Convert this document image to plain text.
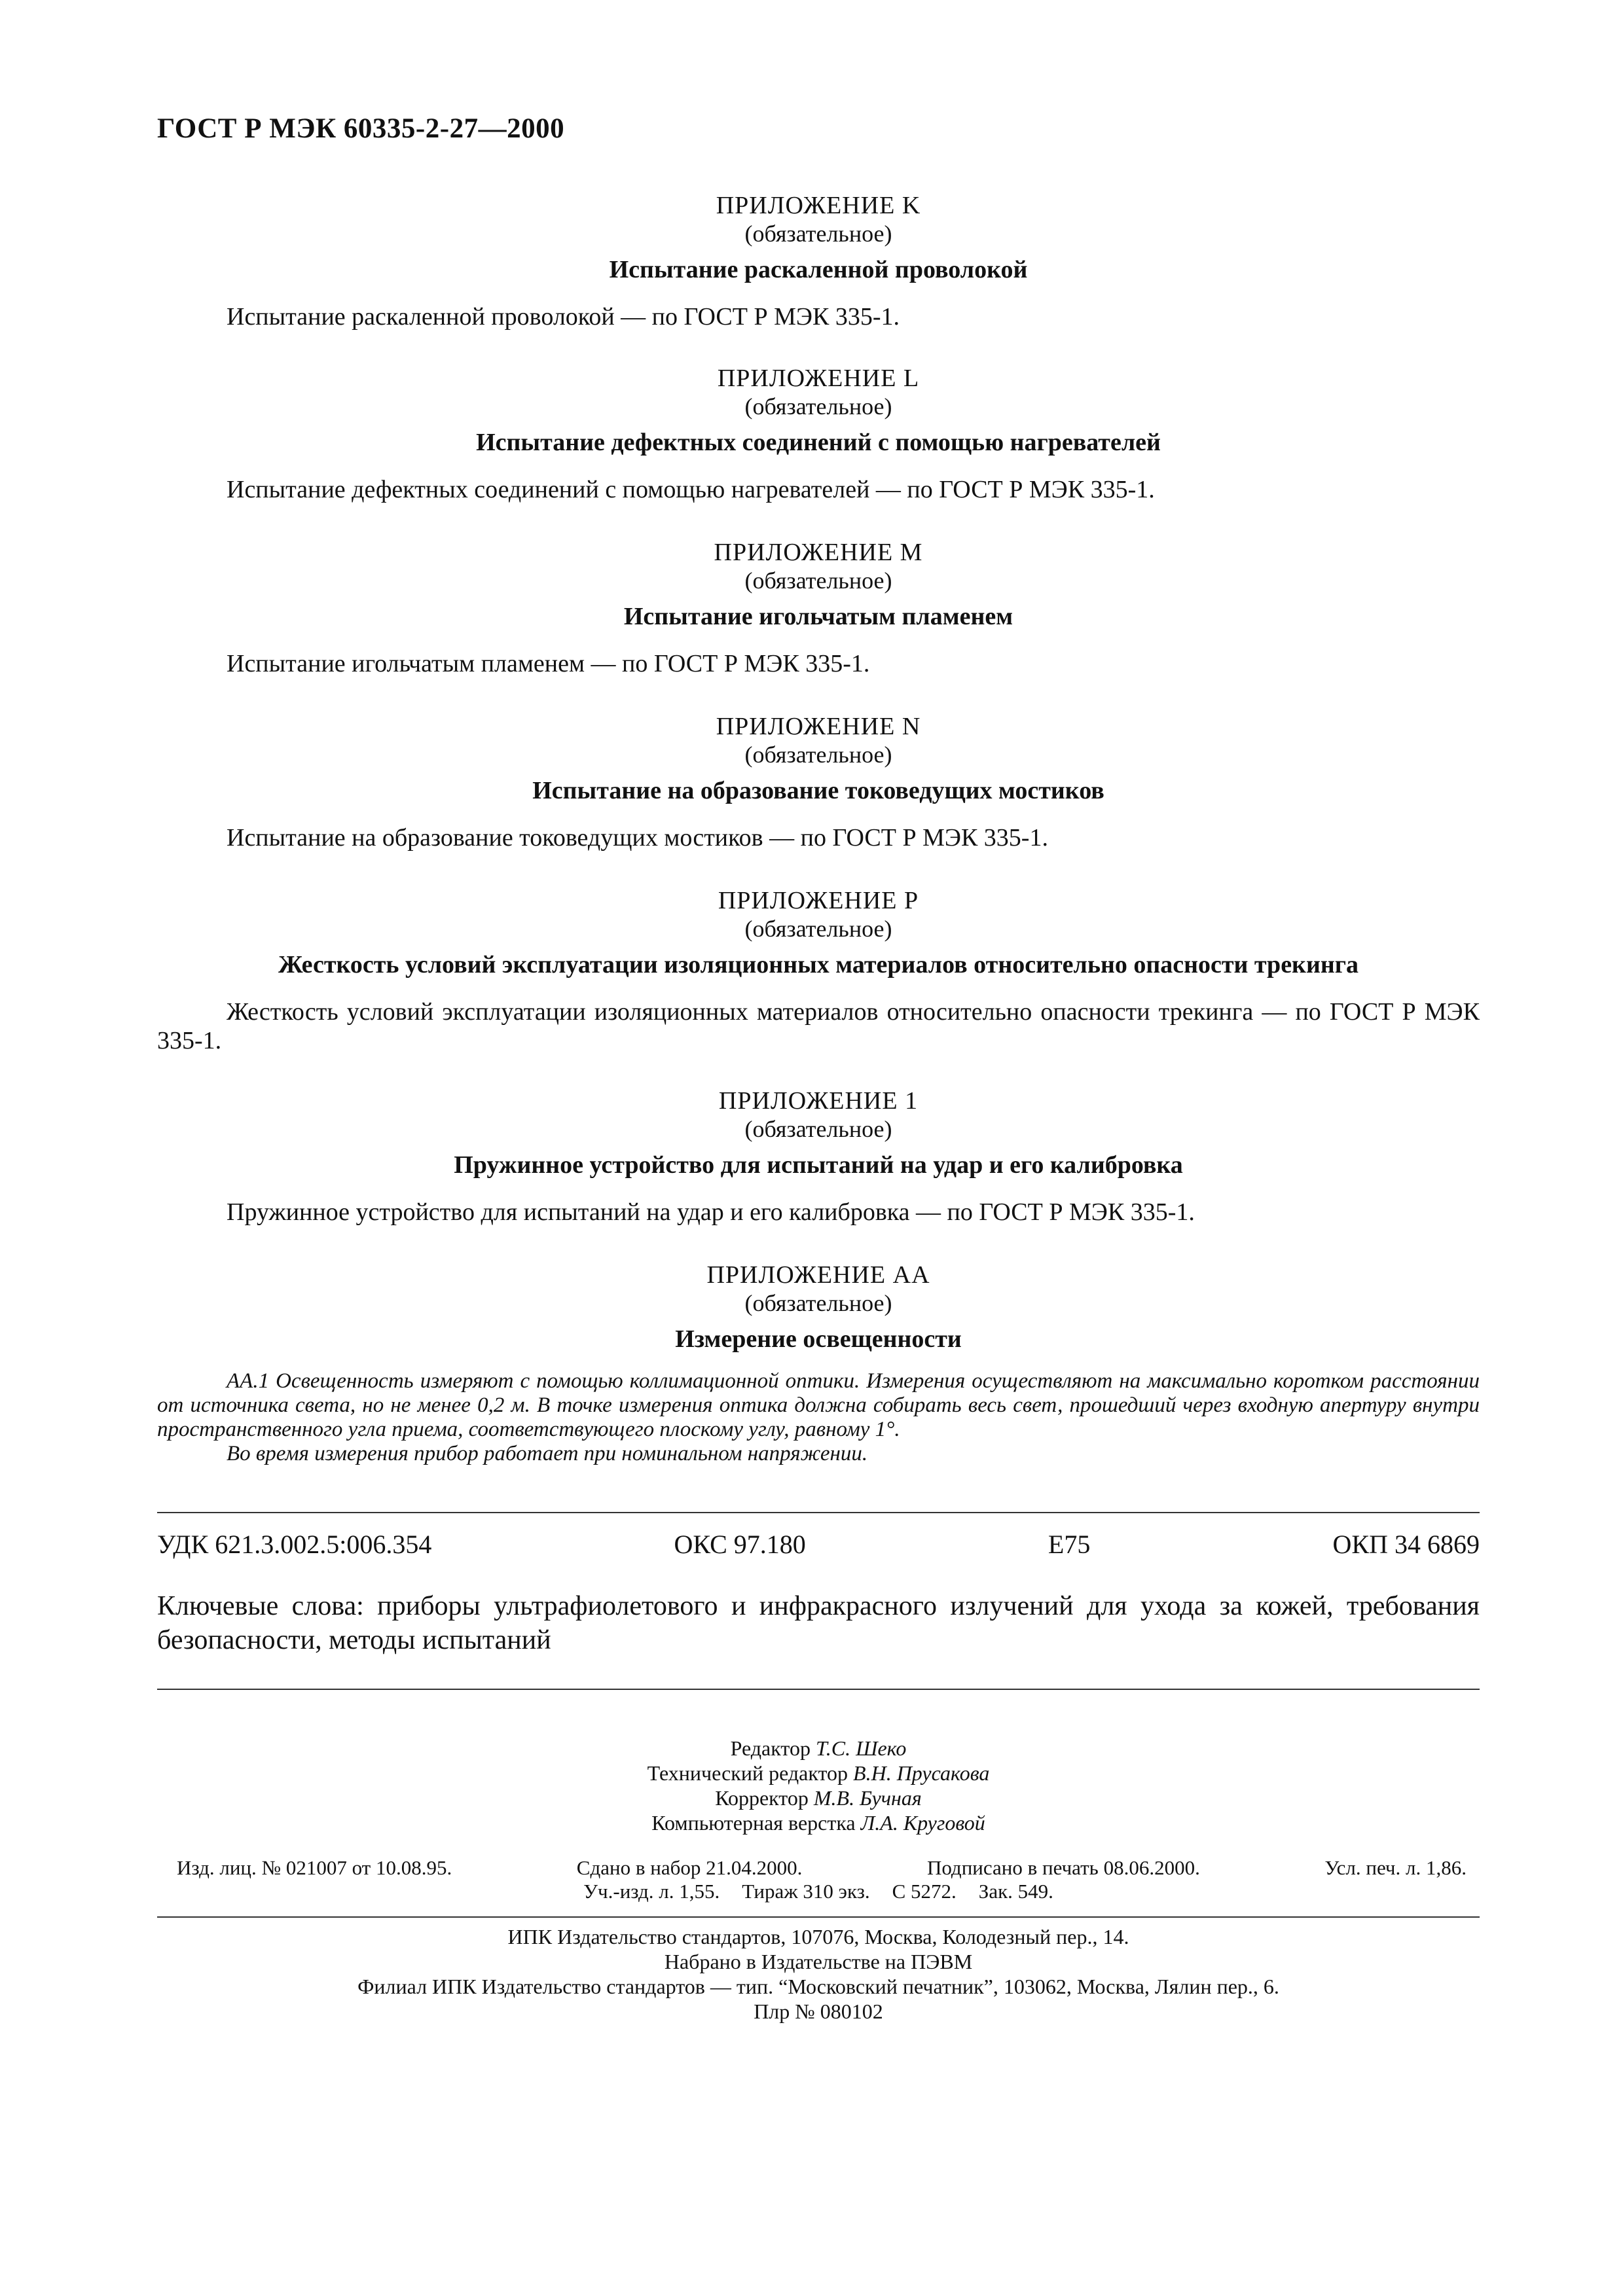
ГОСТ Р МЭК 60335-2-27—2000
ПРИЛОЖЕНИЕ K
(обязательное)
Испытание раскаленной проволокой
Испытание раскаленной проволокой — по ГОСТ Р МЭК 335-1.
ПРИЛОЖЕНИЕ L
(обязательное)
Испытание дефектных соединений с помощью нагревателей
Испытание дефектных соединений с помощью нагревателей — по ГОСТ Р МЭК 335-1.
ПРИЛОЖЕНИЕ M
(обязательное)
Испытание игольчатым пламенем
Испытание игольчатым пламенем — по ГОСТ Р МЭК 335-1.
ПРИЛОЖЕНИЕ N
(обязательное)
Испытание на образование токоведущих мостиков
Испытание на образование токоведущих мостиков — по ГОСТ Р МЭК 335-1.
ПРИЛОЖЕНИЕ P
(обязательное)
Жесткость условий эксплуатации изоляционных материалов относительно опасности трекинга
Жесткость условий эксплуатации изоляционных материалов относительно опасности трекинга — по ГОСТ Р МЭК 335-1.
ПРИЛОЖЕНИЕ 1
(обязательное)
Пружинное устройство для испытаний на удар и его калибровка
Пружинное устройство для испытаний на удар и его калибровка — по ГОСТ Р МЭК 335-1.
ПРИЛОЖЕНИЕ AA
(обязательное)
Измерение освещенности

АА.1 Освещенность измеряют с помощью коллимационной оптики. Измерения осуществляют на максимально коротком расстоянии от источника света, но не менее 0,2 м. В точке измерения оптика должна собирать весь свет, прошедший через входную апертуру внутри пространственного угла приема, соответствующего плоскому углу, равному 1°.

Во время измерения прибор работает при номинальном напряжении.

УДК 621.3.002.5:006.354	ОКС 97.180	Е75	ОКП 34 6869
Ключевые слова: приборы ультрафиолетового и инфракрасного излучений для ухода за кожей, требования безопасности, методы испытаний
Редактор Т.С. Шеко
Технический редактор В.Н. Прусакова
Корректор М.В. Бучная
Компьютерная верстка Л.А. Круговой
Изд. лиц. № 021007 от 10.08.95.	Сдано в набор 21.04.2000.	Подписано в печать 08.06.2000.	Усл. печ. л. 1,86.
Уч.-изд. л. 1,55. Тираж 310 экз. С 5272. Зак. 549.
ИПК Издательство стандартов, 107076, Москва, Колодезный пер., 14.
Набрано в Издательстве на ПЭВМ
Филиал ИПК Издательство стандартов — тип. “Московский печатник”, 103062, Москва, Лялин пер., 6.
Плр № 080102
